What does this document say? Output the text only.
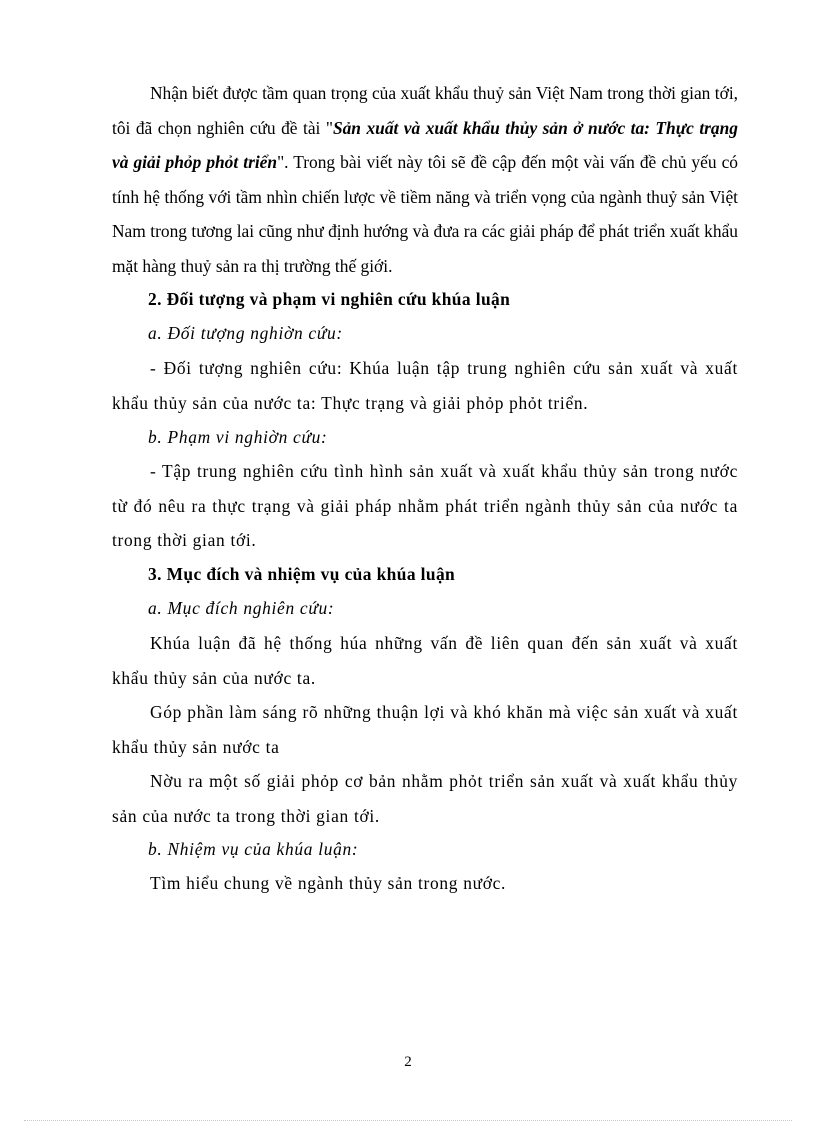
Nhận biết được tầm quan trọng của xuất khẩu thuỷ sản Việt Nam trong thời gian tới, tôi đã chọn nghiên cứu đề tài "Sản xuất và xuất khẩu thủy sản ở nước ta: Thực trạng và giải phỏp phỏt triển". Trong bài viết này tôi sẽ đề cập đến một vài vấn đề chủ yếu có tính hệ thống với tầm nhìn chiến lược về tiềm năng và triển vọng của ngành thuỷ sản Việt Nam trong tương lai cũng như định hướng và đưa ra các giải pháp để phát triển xuất khẩu mặt hàng thuỷ sản ra thị trường thế giới.

2. Đối tượng và phạm vi nghiên cứu khúa luận

a. Đối tượng nghiờn cứu:

- Đối tượng nghiên cứu: Khúa luận tập trung nghiên cứu sản xuất và xuất khẩu thủy sản của nước ta: Thực trạng và giải phỏp phỏt triển.

b. Phạm vi nghiờn cứu:

- Tập trung nghiên cứu tình hình sản xuất và xuất khẩu thủy sản trong nước từ đó nêu ra thực trạng và giải pháp nhằm phát triển ngành thủy sản của nước ta trong thời gian tới.

3. Mục đích và nhiệm vụ của khúa luận

a. Mục đích nghiên cứu:

Khúa luận đã hệ thống húa những vấn đề liên quan đến sản xuất và xuất khẩu thủy sản của nước ta.

Góp phần làm sáng rõ những thuận lợi và khó khăn mà việc sản xuất và xuất khẩu thủy sản nước ta

Nờu ra một số giải phỏp cơ bản nhằm phỏt triển sản xuất và xuất khẩu thủy sản của nước ta trong thời gian tới.

b. Nhiệm vụ của khúa luận:

Tìm hiểu chung về ngành thủy sản trong nước.

2
